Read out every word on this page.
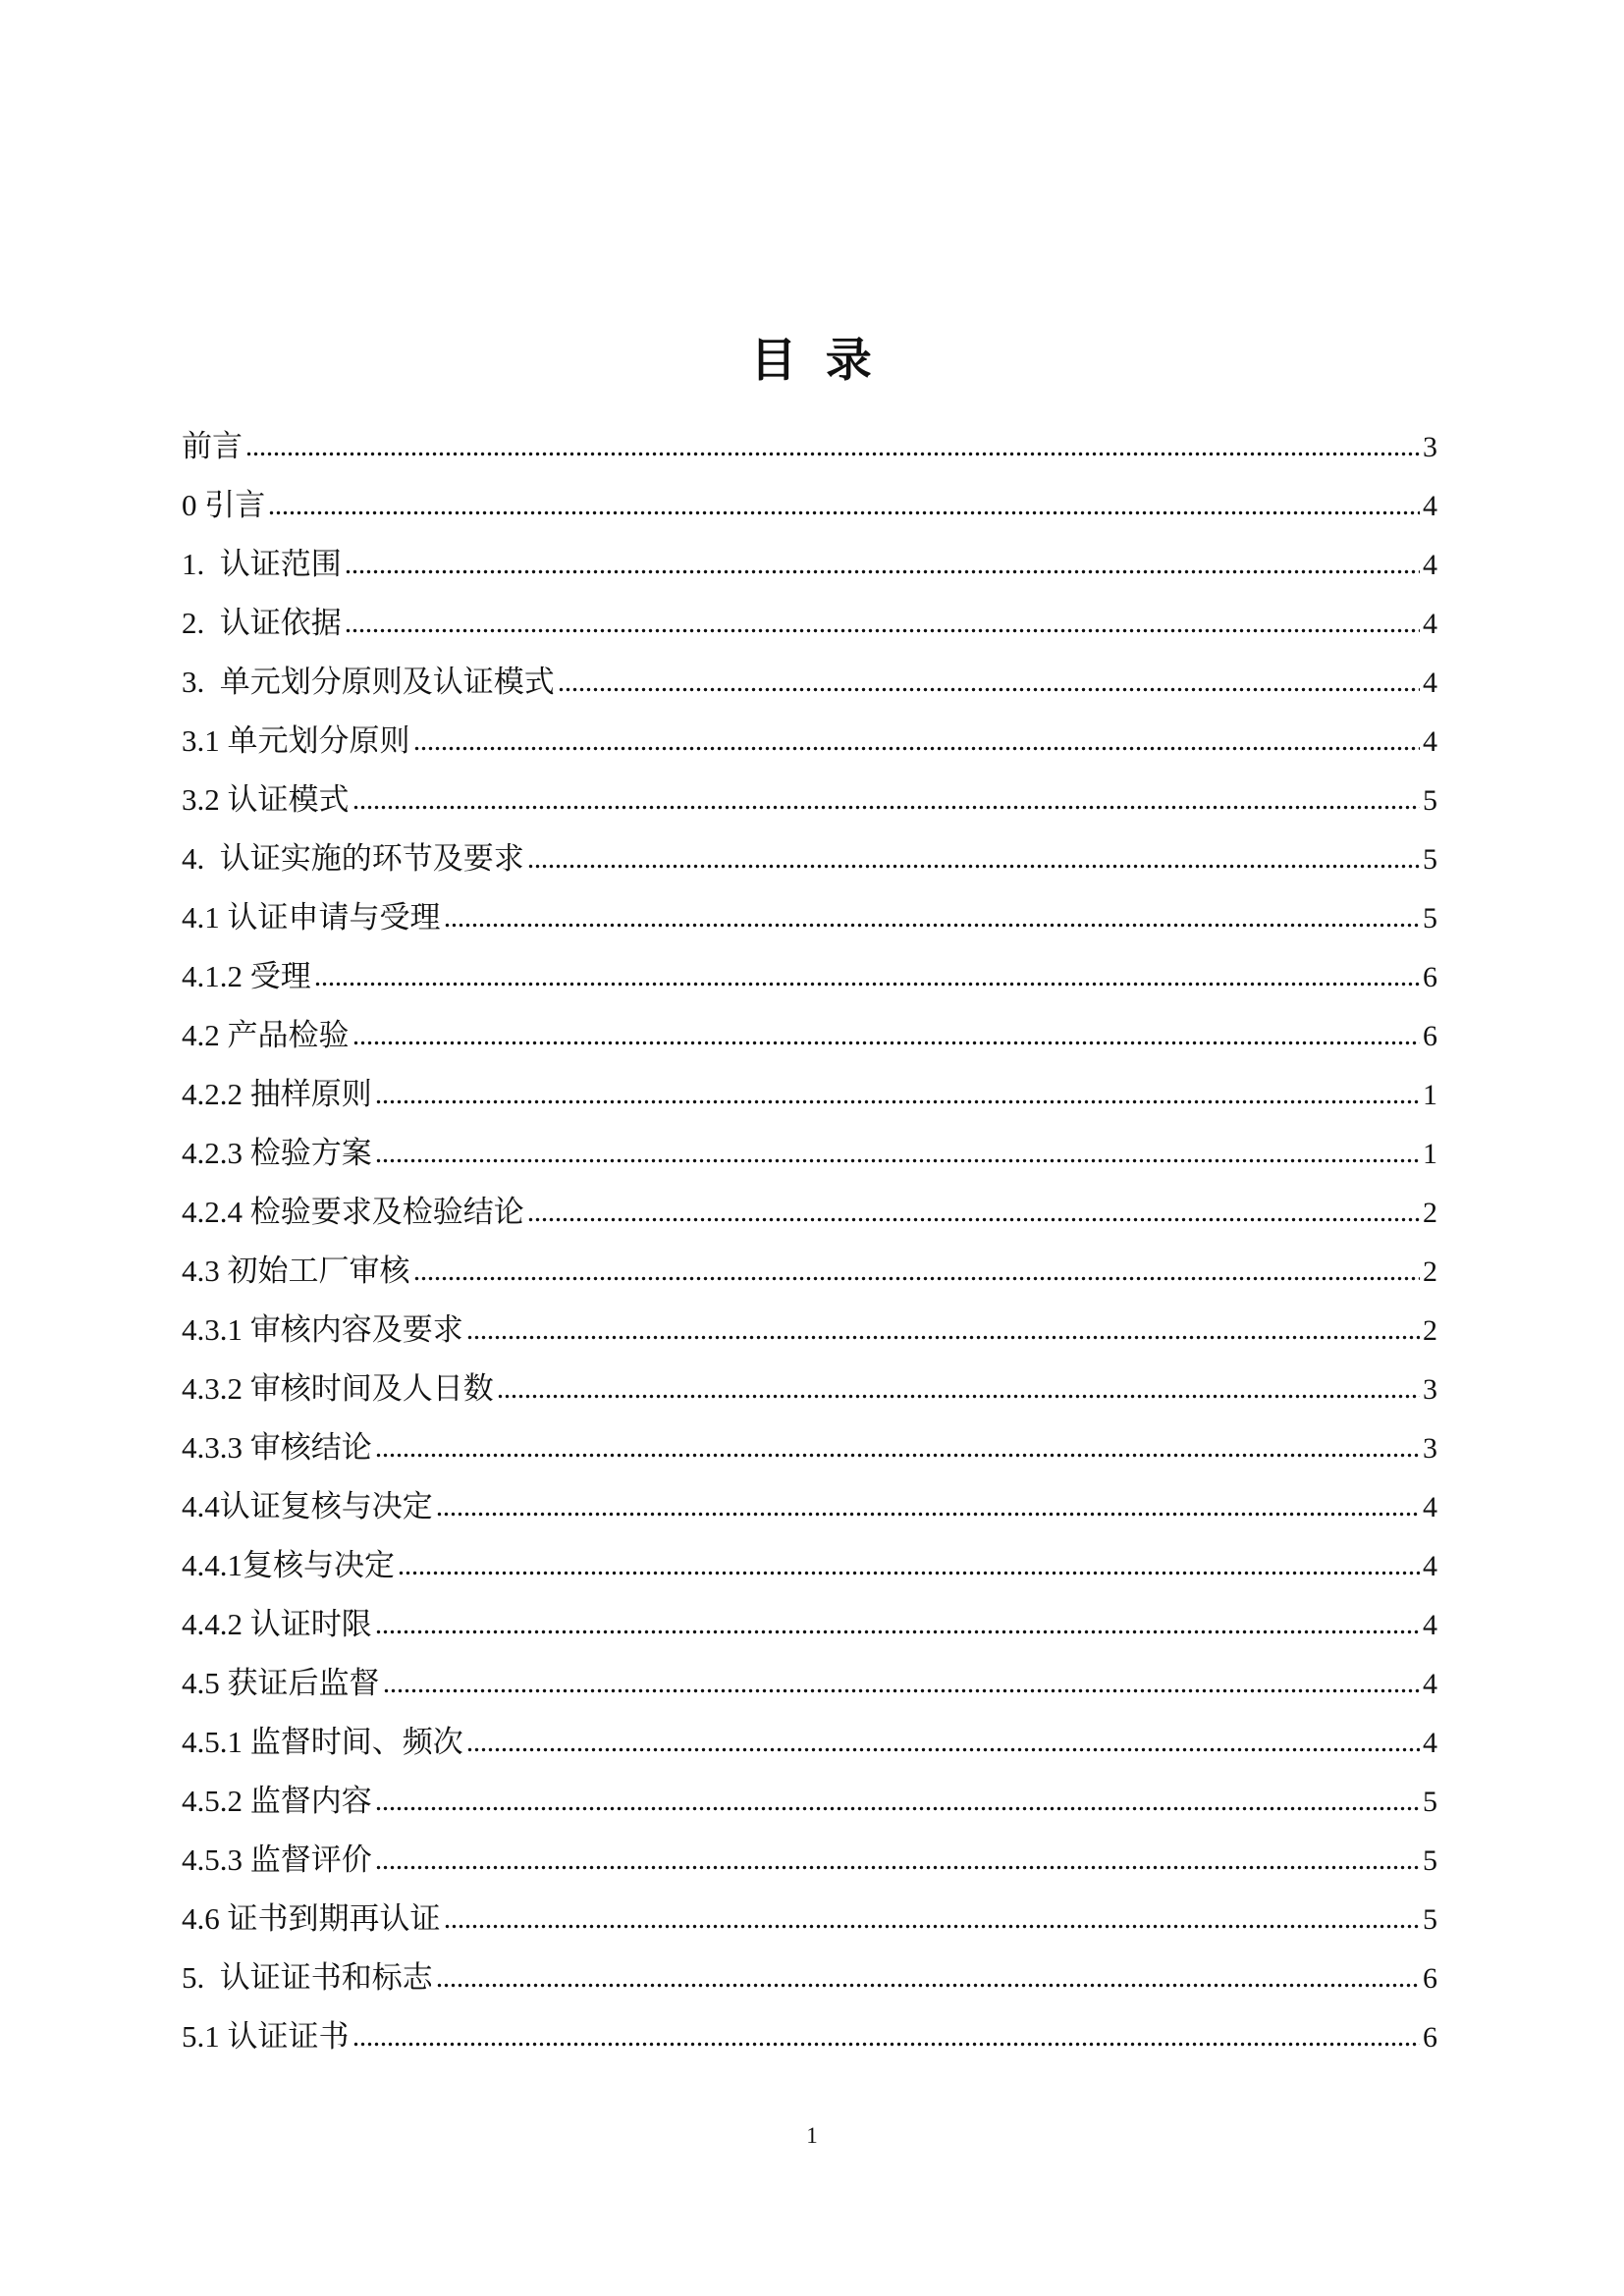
目  录
前言	3
0 引言	4
1.  认证范围	4
2.  认证依据	4
3.  单元划分原则及认证模式	4
3.1 单元划分原则	4
3.2 认证模式	5
4.  认证实施的环节及要求	5
4.1 认证申请与受理	5
4.1.2 受理	6
4.2 产品检验	6
4.2.2 抽样原则	1
4.2.3 检验方案	1
4.2.4 检验要求及检验结论	2
4.3 初始工厂审核	2
4.3.1 审核内容及要求	2
4.3.2 审核时间及人日数	3
4.3.3 审核结论	3
4.4认证复核与决定	4
4.4.1复核与决定	4
4.4.2 认证时限	4
4.5 获证后监督	4
4.5.1 监督时间、频次	4
4.5.2 监督内容	5
4.5.3 监督评价	5
4.6 证书到期再认证	5
5.  认证证书和标志	6
5.1 认证证书	6
1
